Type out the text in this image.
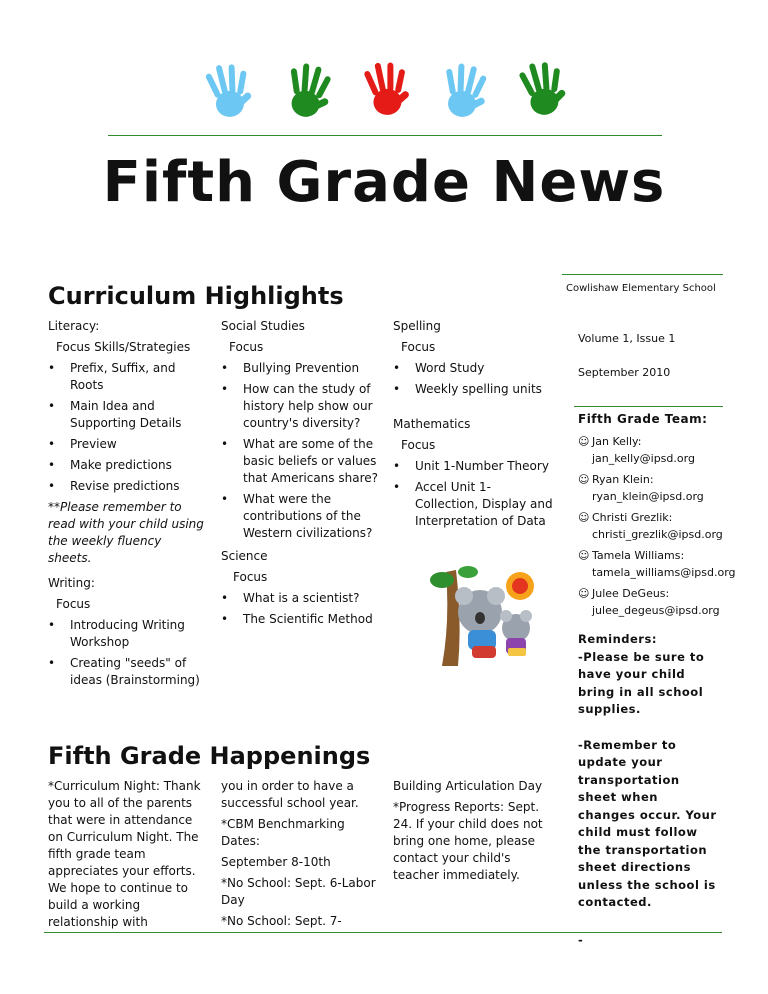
Fifth Grade News
Curriculum Highlights

Literacy:

Focus Skills/Strategies

• Prefix, Suffix, and Roots
• Main Idea and Supporting Details
• Preview
• Make predictions
• Revise predictions

**Please remember to read with your child using the weekly fluency sheets.

Writing:

Focus

• Introducing Writing Workshop
• Creating "seeds" of ideas (Brainstorming)

Social Studies

Focus

• Bullying Prevention
• How can the study of history help show our country's diversity?
• What are some of the basic beliefs or values that Americans share?
• What were the contributions of the Western civilizations?

Science

Focus

• What is a scientist?
• The Scientific Method

Spelling

Focus

• Word Study
• Weekly spelling units

Mathematics

Focus

• Unit 1-Number Theory
• Accel Unit 1-Collection, Display and Interpretation of Data
Fifth Grade Happenings

*Curriculum Night: Thank you to all of the parents that were in attendance on Curriculum Night. The fifth grade team appreciates your efforts. We hope to continue to build a working relationship with

you in order to have a successful school year.

*CBM Benchmarking Dates:

September 8-10th

*No School: Sept. 6-Labor Day

*No School: Sept. 7-

Building Articulation Day

*Progress Reports: Sept. 24. If your child does not bring one home, please contact your child's teacher immediately.

Cowlishaw Elementary School
Volume 1, Issue 1
September 2010
Fifth Grade Team:
☺ Jan Kelly:
jan_kelly@ipsd.org
☺ Ryan Klein:
ryan_klein@ipsd.org
☺ Christi Grezlik:
christi_grezlik@ipsd.org
☺ Tamela Williams:
tamela_williams@ipsd.org
☺ Julee DeGeus:
julee_degeus@ipsd.org
Reminders:
-Please be sure to have your child bring in all school supplies.
-Remember to update your transportation sheet when changes occur. Your child must follow the transportation sheet directions unless the school is contacted.
-
